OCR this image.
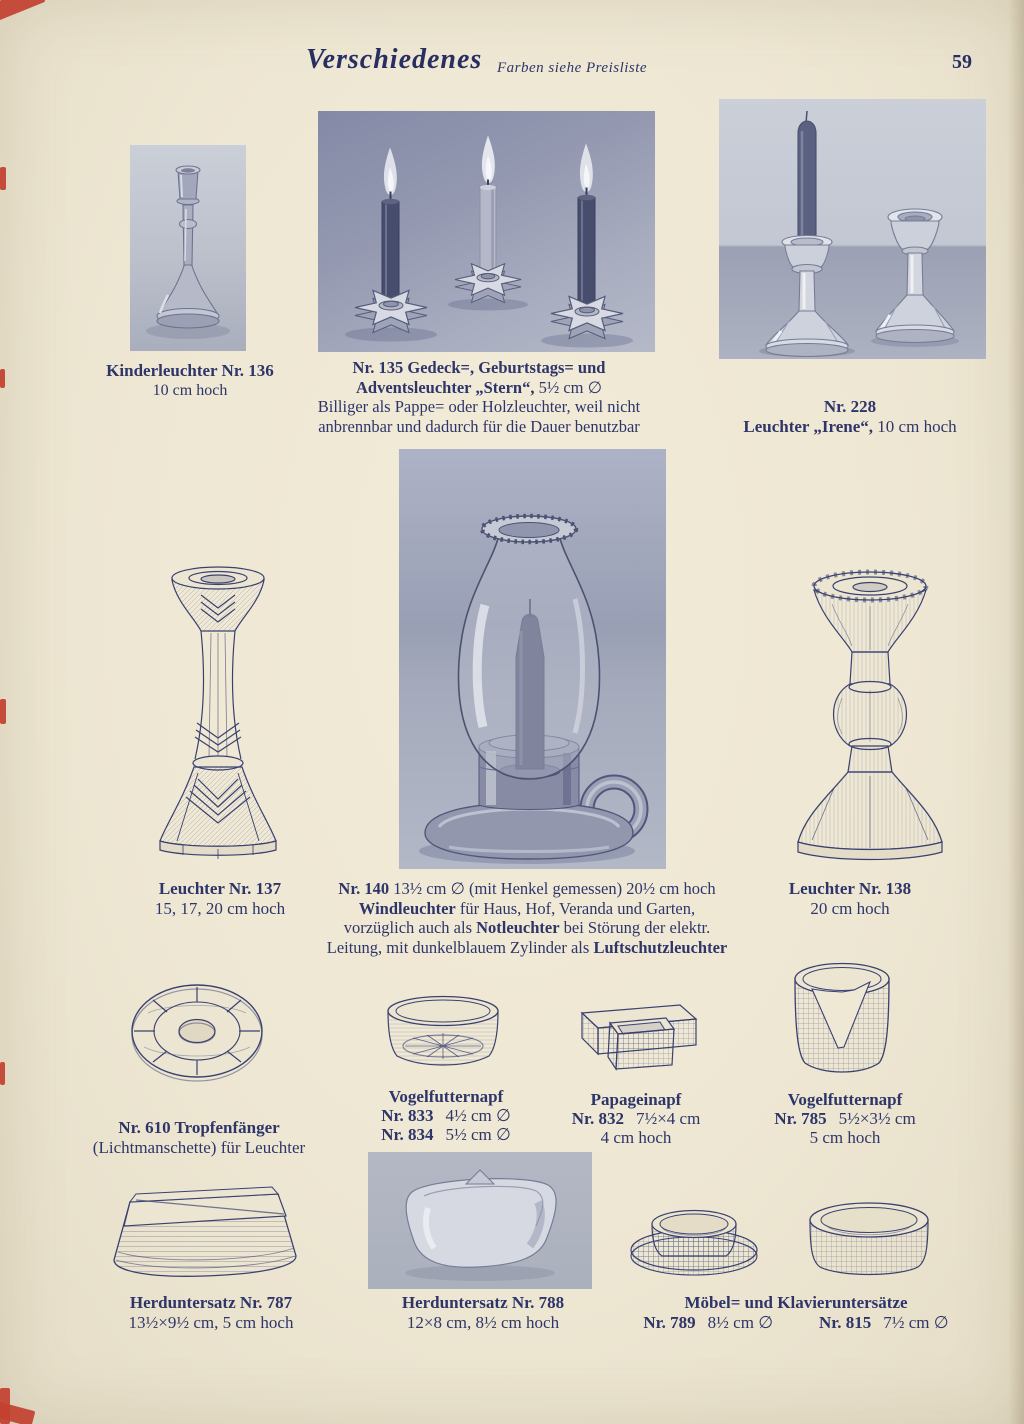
Verschiedenes Farben siehe Preisliste	59
Kinderleuchter Nr. 136
10 cm hoch
Nr. 135 Gedeck=, Geburtstags= und
Adventsleuchter „Stern“, 5½ cm ∅
Billiger als Pappe= oder Holzleuchter, weil nicht
anbrennbar und dadurch für die Dauer benutzbar
Nr. 228
Leuchter „Irene“, 10 cm hoch
Leuchter Nr. 137
15, 17, 20 cm hoch
Nr. 140 13½ cm ∅ (mit Henkel gemessen) 20½ cm hoch
Windleuchter für Haus, Hof, Veranda und Garten,
vorzüglich auch als Notleuchter bei Störung der elektr.
Leitung, mit dunkelblauem Zylinder als Luftschutzleuchter
Leuchter Nr. 138
20 cm hoch
Nr. 610 Tropfenfänger
(Lichtmanschette) für Leuchter
Vogelfutternapf
Nr. 833 4½ cm ∅
Nr. 834 5½ cm ∅
Papageinapf
Nr. 832 7½×4 cm
4 cm hoch
Vogelfutternapf
Nr. 785 5½×3½ cm
5 cm hoch
Herduntersatz Nr. 787
13½×9½ cm, 5 cm hoch
Herduntersatz Nr. 788
12×8 cm, 8½ cm hoch
Möbel= und Klavieruntersätze
Nr. 789 8½ cm ∅	Nr. 815 7½ cm ∅
